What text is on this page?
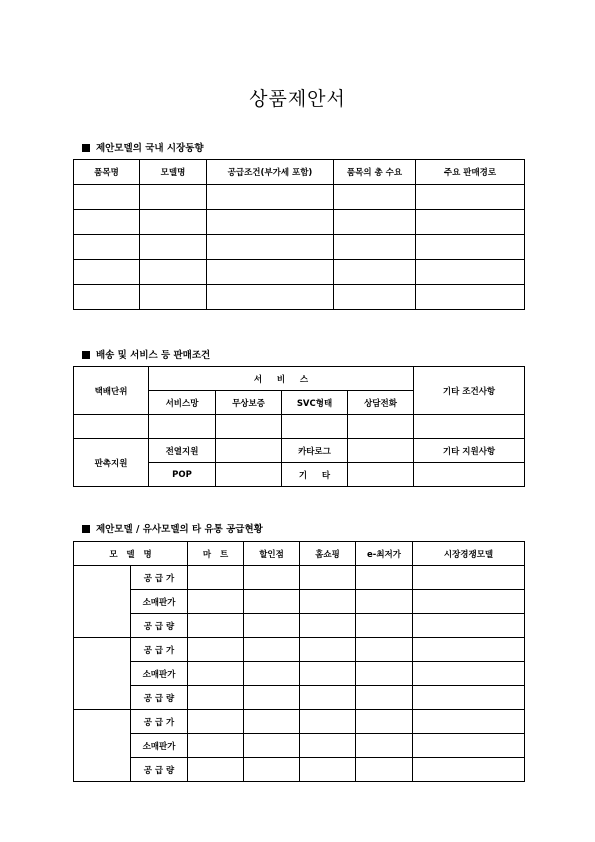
상품제안서
제안모델의 국내 시장동향
품목명	모델명	공급조건(부가세 포함)	품목의 총 수요	주요 판매경로

배송 및 서비스 등 판매조건
택배단위	서     비     스				기타 조건사항
	서비스망	무상보증	SVC형태	상담전화	

판촉지원	전열지원		카타로그		기타 지원사항
	POP		기     타		
제안모델 / 유사모델의 타 유통 공급현황
모   델   명		마   트	할인점	홈쇼핑	e-최저가	시장경쟁모델
	공 급 가					
	소매판가					
	공 급 량					
	공 급 가					
	소매판가					
	공 급 량					
	공 급 가					
	소매판가					
	공 급 량					
